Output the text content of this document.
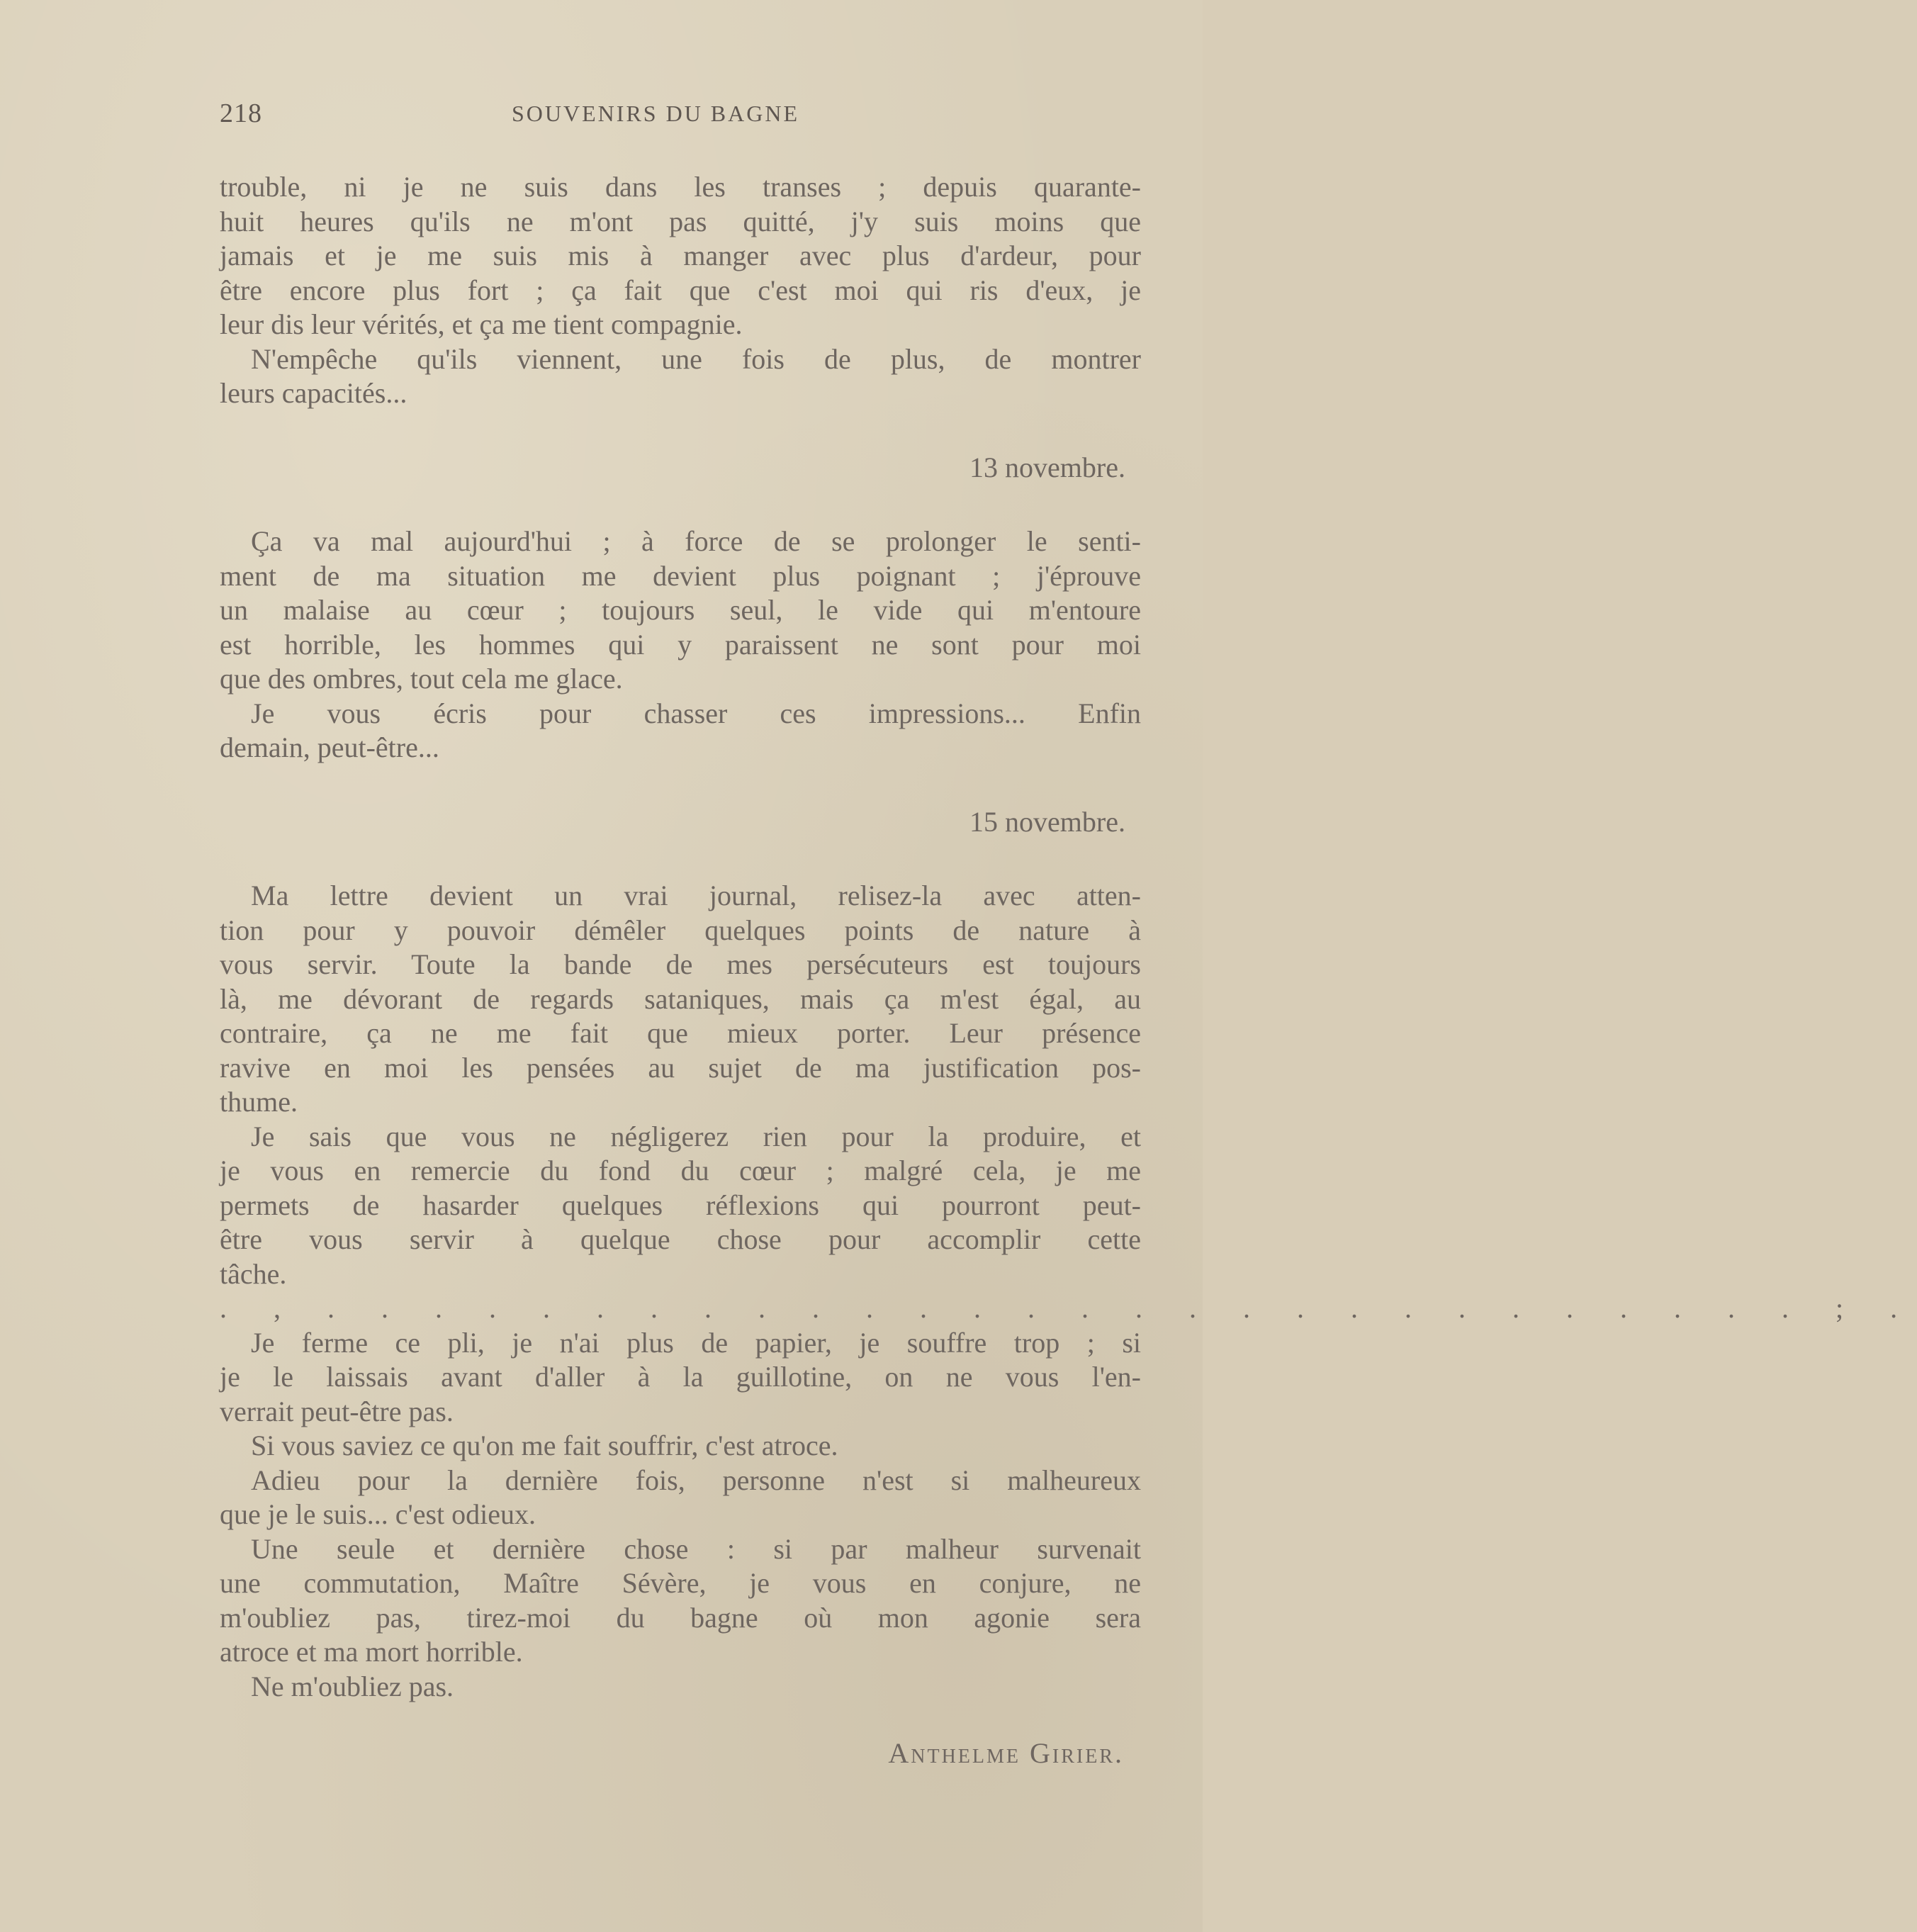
218	SOUVENIRS DU BAGNE
trouble, ni je ne suis dans les transes ; depuis quarante-
huit heures qu'ils ne m'ont pas quitté, j'y suis moins que
jamais et je me suis mis à manger avec plus d'ardeur, pour
être encore plus fort ; ça fait que c'est moi qui ris d'eux, je
leur dis leur vérités, et ça me tient compagnie.
N'empêche qu'ils viennent, une fois de plus, de montrer
leurs capacités...
13 novembre.
Ça va mal aujourd'hui ; à force de se prolonger le senti-
ment de ma situation me devient plus poignant ; j'éprouve
un malaise au cœur ; toujours seul, le vide qui m'entoure
est horrible, les hommes qui y paraissent ne sont pour moi
que des ombres, tout cela me glace.
Je vous écris pour chasser ces impressions... Enfin
demain, peut-être...
15 novembre.
Ma lettre devient un vrai journal, relisez-la avec atten-
tion pour y pouvoir démêler quelques points de nature à
vous servir. Toute la bande de mes persécuteurs est toujours
là, me dévorant de regards sataniques, mais ça m'est égal, au
contraire, ça ne me fait que mieux porter. Leur présence
ravive en moi les pensées au sujet de ma justification pos-
thume.
Je sais que vous ne négligerez rien pour la produire, et
je vous en remercie du fond du cœur ; malgré cela, je me
permets de hasarder quelques réflexions qui pourront peut-
être vous servir à quelque chose pour accomplir cette
tâche.
. , . . . . . . . . . . . . . . . . . . . . . . . . . . . . ; .
Je ferme ce pli, je n'ai plus de papier, je souffre trop ; si
je le laissais avant d'aller à la guillotine, on ne vous l'en-
verrait peut-être pas.
Si vous saviez ce qu'on me fait souffrir, c'est atroce.
Adieu pour la dernière fois, personne n'est si malheureux
que je le suis... c'est odieux.
Une seule et dernière chose : si par malheur survenait
une commutation, Maître Sévère, je vous en conjure, ne
m'oubliez pas, tirez-moi du bagne où mon agonie sera
atroce et ma mort horrible.
Ne m'oubliez pas.
Anthelme Girier.
